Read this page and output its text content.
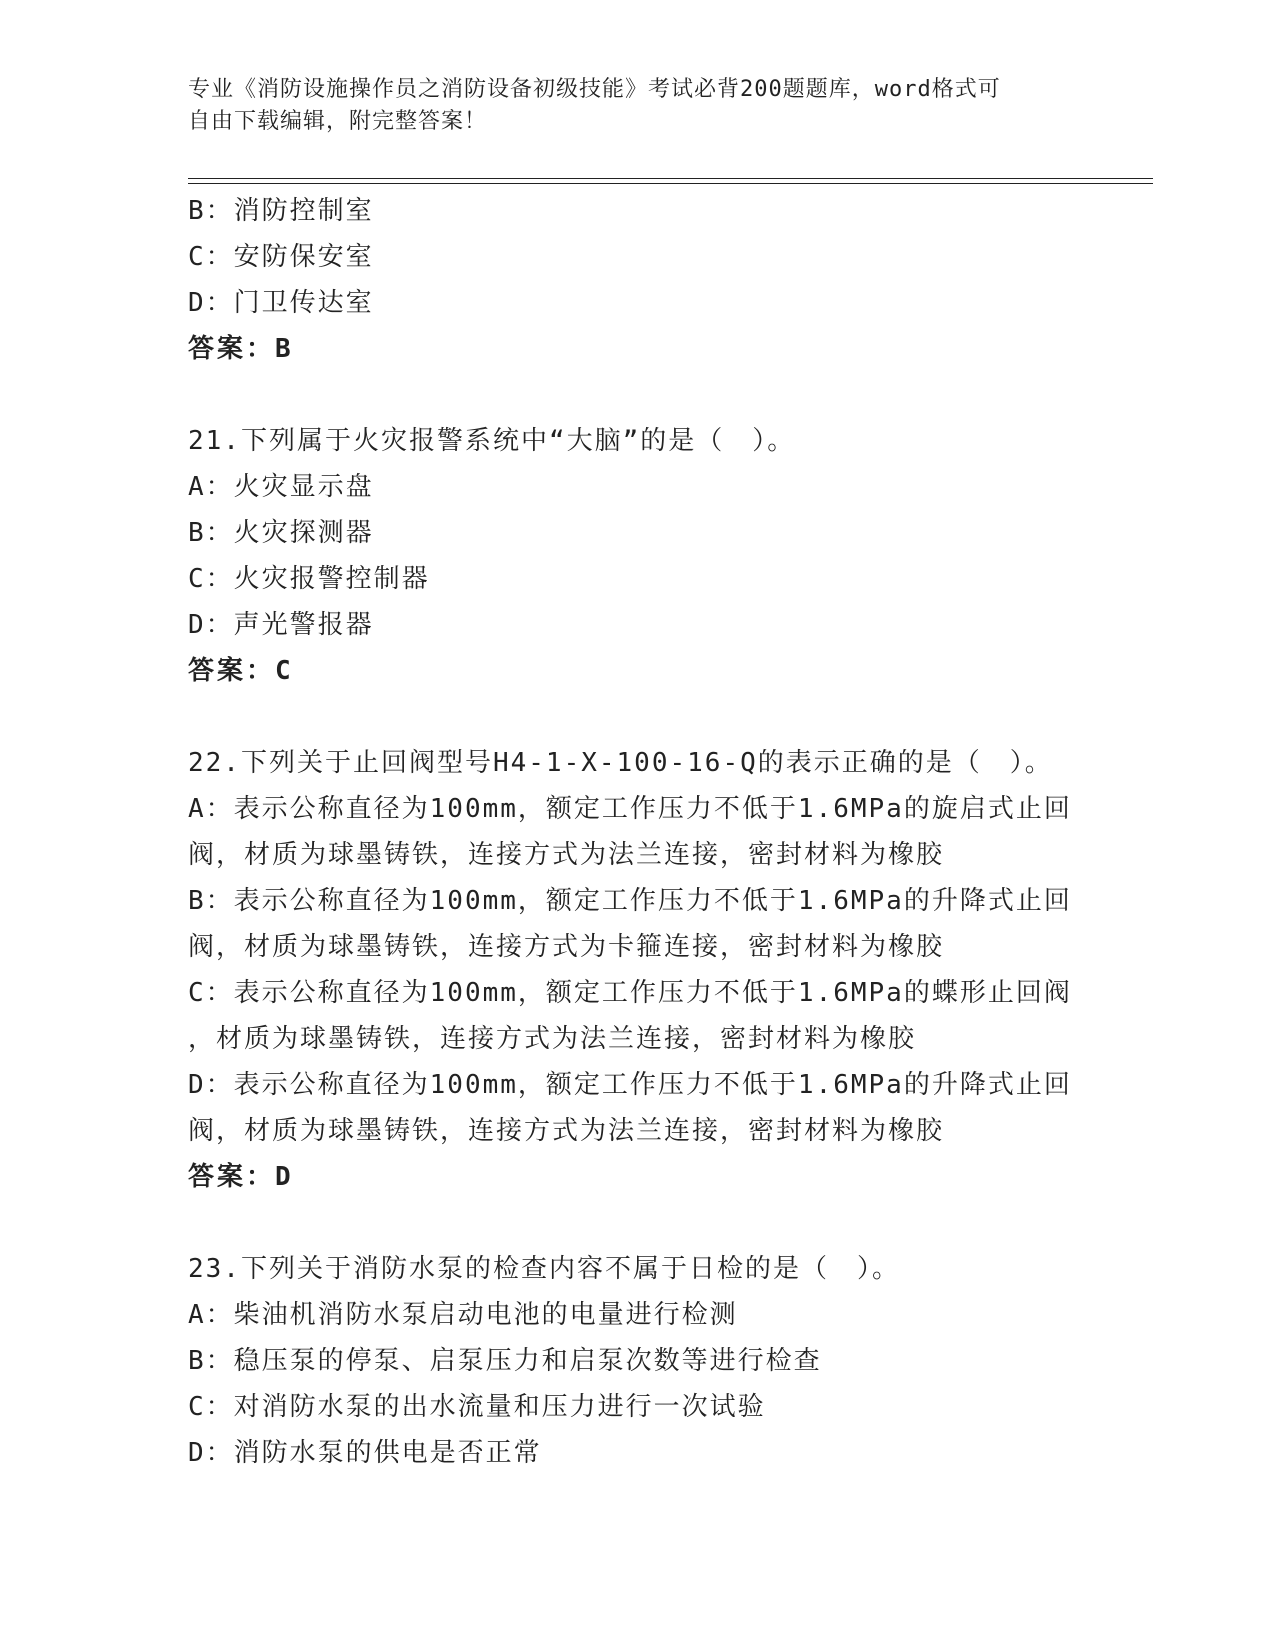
专业《消防设施操作员之消防设备初级技能》考试必背200题题库，word格式可
自由下载编辑，附完整答案！
B：消防控制室
C：安防保安室
D：门卫传达室
答案：B
21.下列属于火灾报警系统中“大脑”的是（　）。
A：火灾显示盘
B：火灾探测器
C：火灾报警控制器
D：声光警报器
答案：C
22.下列关于止回阀型号H4-1-X-100-16-Q的表示正确的是（　）。
A：表示公称直径为100mm，额定工作压力不低于1.6MPa的旋启式止回
阀，材质为球墨铸铁，连接方式为法兰连接，密封材料为橡胶
B：表示公称直径为100mm，额定工作压力不低于1.6MPa的升降式止回
阀，材质为球墨铸铁，连接方式为卡箍连接，密封材料为橡胶
C：表示公称直径为100mm，额定工作压力不低于1.6MPa的蝶形止回阀
，材质为球墨铸铁，连接方式为法兰连接，密封材料为橡胶
D：表示公称直径为100mm，额定工作压力不低于1.6MPa的升降式止回
阀，材质为球墨铸铁，连接方式为法兰连接，密封材料为橡胶
答案：D
23.下列关于消防水泵的检查内容不属于日检的是（　）。
A：柴油机消防水泵启动电池的电量进行检测
B：稳压泵的停泵、启泵压力和启泵次数等进行检查
C：对消防水泵的出水流量和压力进行一次试验
D：消防水泵的供电是否正常
